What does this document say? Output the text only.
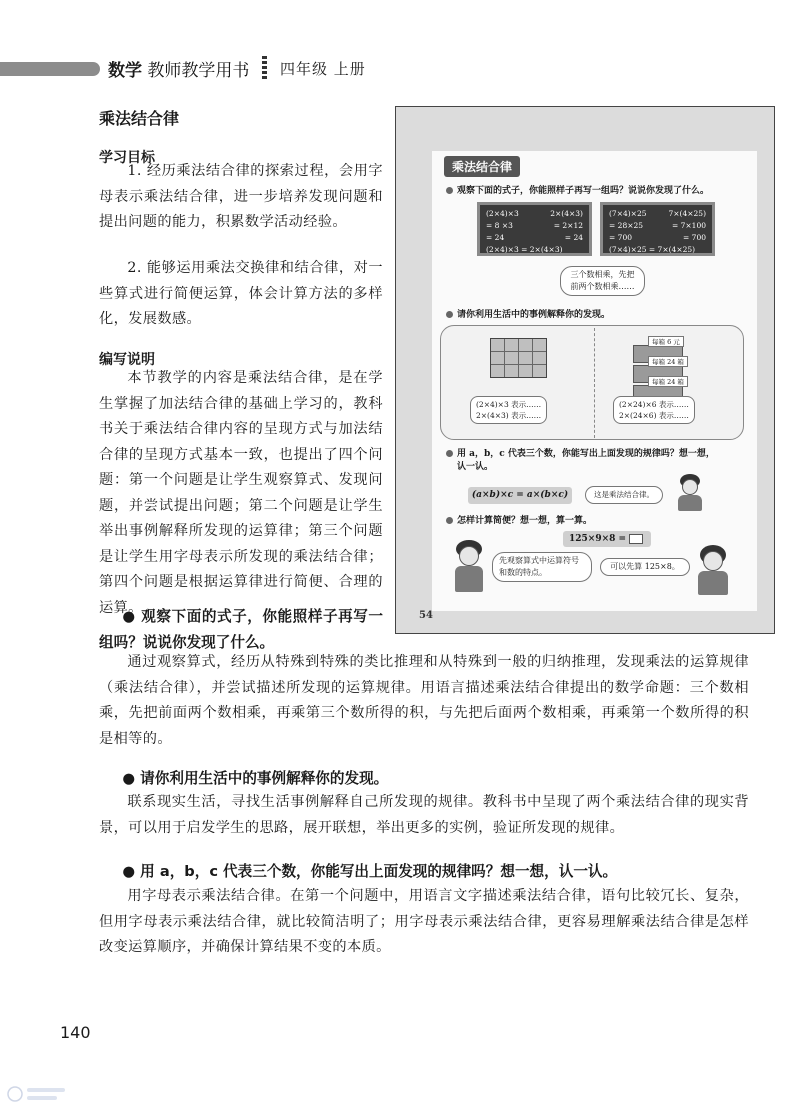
数学 教师教学用书 四年级 上册
乘法结合律
学习目标
1. 经历乘法结合律的探索过程，会用字母表示乘法结合律，进一步培养发现问题和提出问题的能力，积累数学活动经验。
2. 能够运用乘法交换律和结合律，对一些算式进行简便运算，体会计算方法的多样化，发展数感。
编写说明
本节教学的内容是乘法结合律，是在学生掌握了加法结合律的基础上学习的，教科书关于乘法结合律内容的呈现方式与加法结合律的呈现方式基本一致，也提出了四个问题：第一个问题是让学生观察算式、发现问题，并尝试提出问题；第二个问题是让学生举出事例解释所发现的运算律；第三个问题是让学生用字母表示所发现的乘法结合律；第四个问题是根据运算律进行简便、合理的运算。
● 观察下面的式子，你能照样子再写一组吗？说说你发现了什么。
通过观察算式，经历从特殊到特殊的类比推理和从特殊到一般的归纳推理，发现乘法的运算规律（乘法结合律），并尝试描述所发现的运算规律。用语言描述乘法结合律提出的数学命题：三个数相乘，先把前面两个数相乘，再乘第三个数所得的积，与先把后面两个数相乘，再乘第一个数所得的积是相等的。
● 请你利用生活中的事例解释你的发现。
联系现实生活，寻找生活事例解释自己所发现的规律。教科书中呈现了两个乘法结合律的现实背景，可以用于启发学生的思路，展开联想，举出更多的实例，验证所发现的规律。
● 用 a，b，c 代表三个数，你能写出上面发现的规律吗？想一想，认一认。
用字母表示乘法结合律。在第一个问题中，用语言文字描述乘法结合律，语句比较冗长、复杂，但用字母表示乘法结合律，就比较简洁明了；用字母表示乘法结合律，更容易理解乘法结合律是怎样改变运算顺序，并确保计算结果不变的本质。
乘法结合律
观察下面的式子，你能照样子再写一组吗？说说你发现了什么。
(2×4)×3	2×(4×3)
= 8 ×3	= 2×12
= 24	= 24
(2×4)×3 = 2×(4×3)
(7×4)×25	7×(4×25)
= 28×25	= 7×100
= 700	= 700
(7×4)×25 = 7×(4×25)
三个数相乘，先把前两个数相乘……
请你利用生活中的事例解释你的发现。
每箱 6 元
每箱 24 箱
每箱 24 箱
(2×4)×3 表示……
2×(4×3) 表示……
(2×24)×6 表示……
2×(24×6) 表示……
用 a，b，c 代表三个数，你能写出上面发现的规律吗？想一想，
认一认。
(a×b)×c = a×(b×c)	这是乘法结合律。
怎样计算简便？想一想，算一算。
125×9×8 =
先观察算式中运算符号和数的特点。
可以先算 125×8。
54
140
